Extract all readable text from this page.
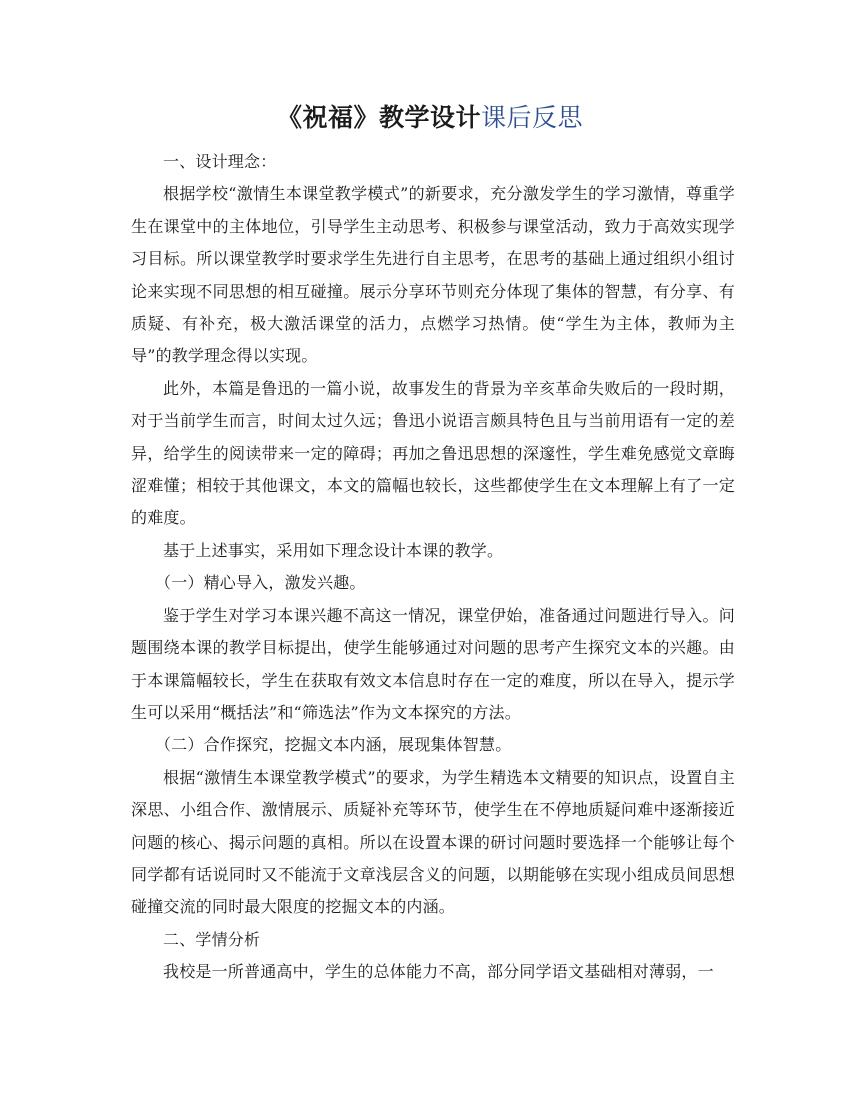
《祝福》教学设计课后反思

一、设计理念：

根据学校“激情生本课堂教学模式”的新要求，充分激发学生的学习激情，尊重学生在课堂中的主体地位，引导学生主动思考、积极参与课堂活动，致力于高效实现学习目标。所以课堂教学时要求学生先进行自主思考，在思考的基础上通过组织小组讨论来实现不同思想的相互碰撞。展示分享环节则充分体现了集体的智慧，有分享、有质疑、有补充，极大激活课堂的活力，点燃学习热情。使“学生为主体，教师为主导”的教学理念得以实现。

此外，本篇是鲁迅的一篇小说，故事发生的背景为辛亥革命失败后的一段时期，对于当前学生而言，时间太过久远；鲁迅小说语言颇具特色且与当前用语有一定的差异，给学生的阅读带来一定的障碍；再加之鲁迅思想的深邃性，学生难免感觉文章晦涩难懂；相较于其他课文，本文的篇幅也较长，这些都使学生在文本理解上有了一定的难度。

基于上述事实，采用如下理念设计本课的教学。

（一）精心导入，激发兴趣。

鉴于学生对学习本课兴趣不高这一情况，课堂伊始，准备通过问题进行导入。问题围绕本课的教学目标提出，使学生能够通过对问题的思考产生探究文本的兴趣。由于本课篇幅较长，学生在获取有效文本信息时存在一定的难度，所以在导入，提示学生可以采用“概括法”和“筛选法”作为文本探究的方法。

（二）合作探究，挖掘文本内涵，展现集体智慧。

根据“激情生本课堂教学模式”的要求，为学生精选本文精要的知识点，设置自主深思、小组合作、激情展示、质疑补充等环节，使学生在不停地质疑问难中逐渐接近问题的核心、揭示问题的真相。所以在设置本课的研讨问题时要选择一个能够让每个同学都有话说同时又不能流于文章浅层含义的问题，以期能够在实现小组成员间思想碰撞交流的同时最大限度的挖掘文本的内涵。

二、学情分析

我校是一所普通高中，学生的总体能力不高，部分同学语文基础相对薄弱，一
